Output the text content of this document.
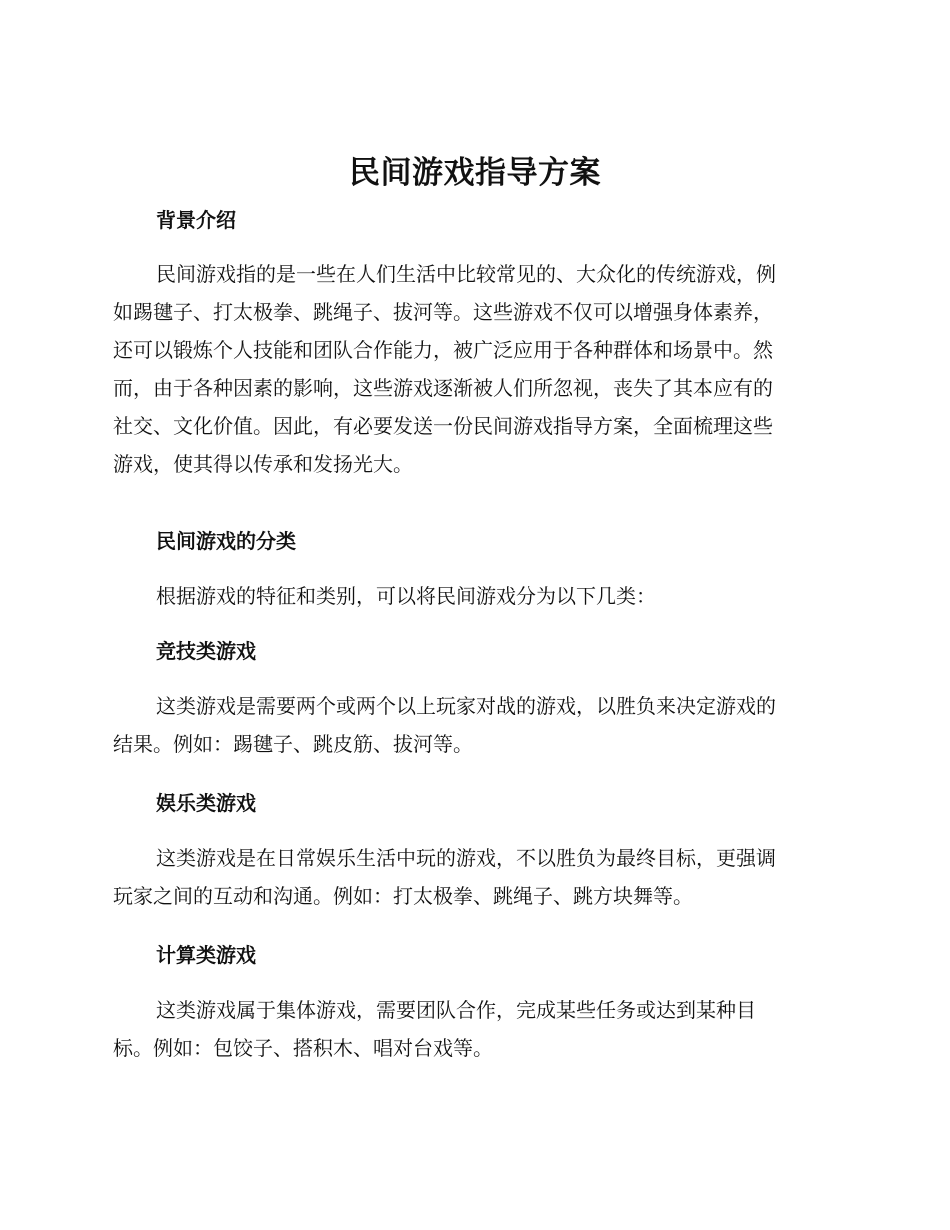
民间游戏指导方案
背景介绍
民间游戏指的是一些在人们生活中比较常见的、大众化的传统游戏，例
如踢毽子、打太极拳、跳绳子、拔河等。这些游戏不仅可以增强身体素养，
还可以锻炼个人技能和团队合作能力，被广泛应用于各种群体和场景中。然
而，由于各种因素的影响，这些游戏逐渐被人们所忽视，丧失了其本应有的
社交、文化价值。因此，有必要发送一份民间游戏指导方案，全面梳理这些
游戏，使其得以传承和发扬光大。
民间游戏的分类
根据游戏的特征和类别，可以将民间游戏分为以下几类：
竞技类游戏
这类游戏是需要两个或两个以上玩家对战的游戏，以胜负来决定游戏的
结果。例如：踢毽子、跳皮筋、拔河等。
娱乐类游戏
这类游戏是在日常娱乐生活中玩的游戏，不以胜负为最终目标，更强调
玩家之间的互动和沟通。例如：打太极拳、跳绳子、跳方块舞等。
计算类游戏
这类游戏属于集体游戏，需要团队合作，完成某些任务或达到某种目
标。例如：包饺子、搭积木、唱对台戏等。
